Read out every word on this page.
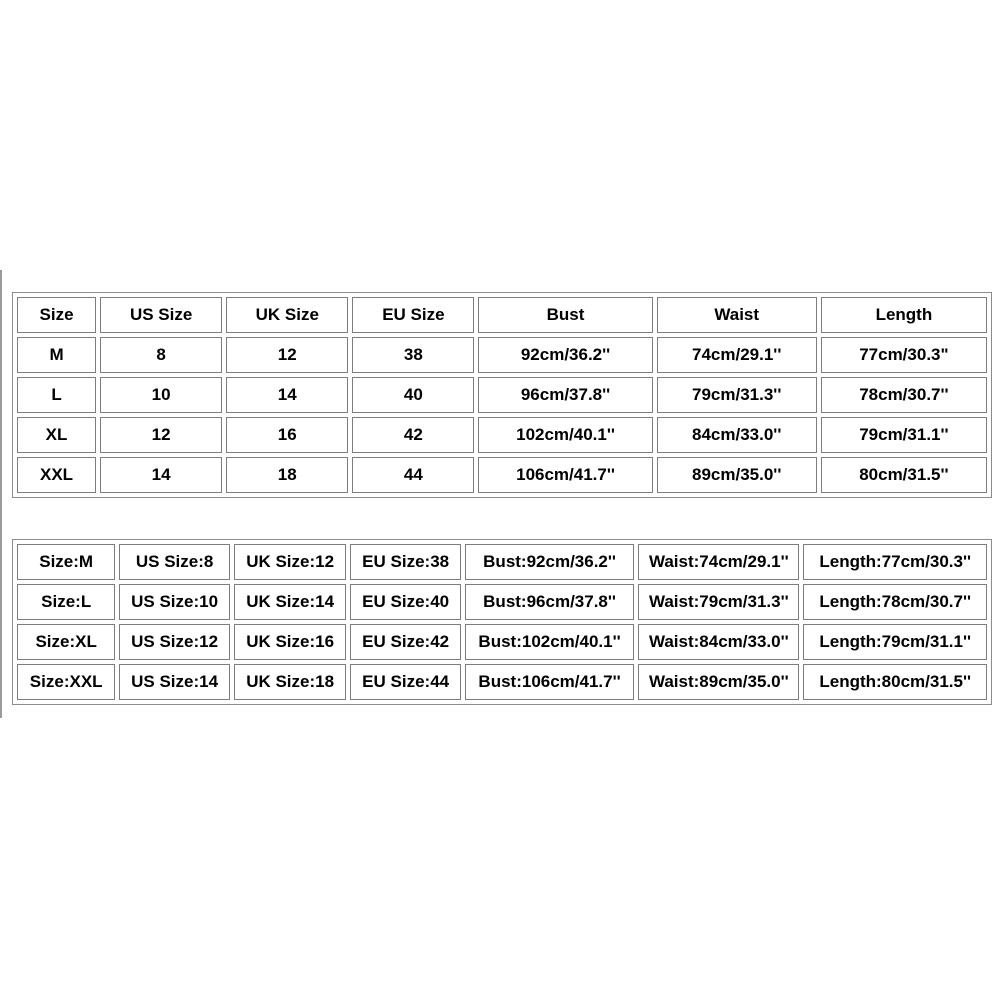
Size	US Size	UK Size	EU Size	Bust	Waist	Length
M	8	12	38	92cm/36.2''	74cm/29.1''	77cm/30.3"
L	10	14	40	96cm/37.8''	79cm/31.3''	78cm/30.7''
XL	12	16	42	102cm/40.1''	84cm/33.0''	79cm/31.1''
XXL	14	18	44	106cm/41.7''	89cm/35.0''	80cm/31.5''
Size:M	US Size:8	UK Size:12	EU Size:38	Bust:92cm/36.2''	Waist:74cm/29.1''	Length:77cm/30.3''
Size:L	US Size:10	UK Size:14	EU Size:40	Bust:96cm/37.8''	Waist:79cm/31.3''	Length:78cm/30.7''
Size:XL	US Size:12	UK Size:16	EU Size:42	Bust:102cm/40.1''	Waist:84cm/33.0''	Length:79cm/31.1''
Size:XXL	US Size:14	UK Size:18	EU Size:44	Bust:106cm/41.7''	Waist:89cm/35.0''	Length:80cm/31.5''
